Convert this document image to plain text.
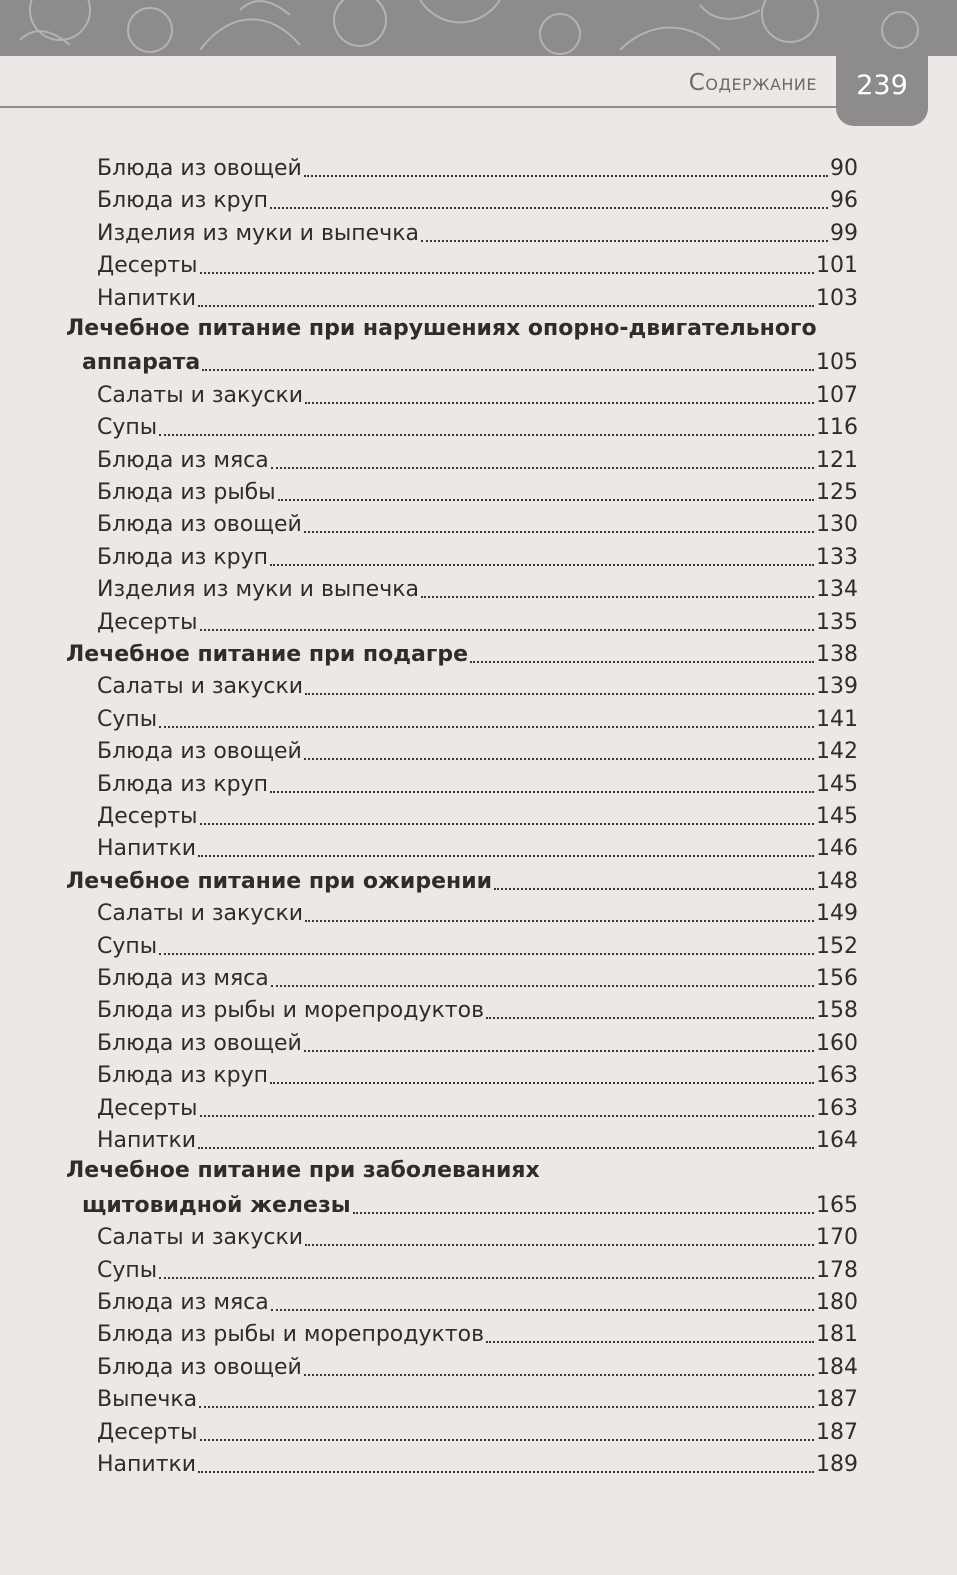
Содержание	239
Блюда из овощей	90
Блюда из круп	96
Изделия из муки и выпечка	99
Десерты	101
Напитки	103
Лечебное питание при нарушениях опорно-двигательного
аппарата	105
Салаты и закуски	107
Супы	116
Блюда из мяса	121
Блюда из рыбы	125
Блюда из овощей	130
Блюда из круп	133
Изделия из муки и выпечка	134
Десерты	135
Лечебное питание при подагре	138
Салаты и закуски	139
Супы	141
Блюда из овощей	142
Блюда из круп	145
Десерты	145
Напитки	146
Лечебное питание при ожирении	148
Салаты и закуски	149
Супы	152
Блюда из мяса	156
Блюда из рыбы и морепродуктов	158
Блюда из овощей	160
Блюда из круп	163
Десерты	163
Напитки	164
Лечебное питание при заболеваниях
щитовидной железы	165
Салаты и закуски	170
Супы	178
Блюда из мяса	180
Блюда из рыбы и морепродуктов	181
Блюда из овощей	184
Выпечка	187
Десерты	187
Напитки	189
